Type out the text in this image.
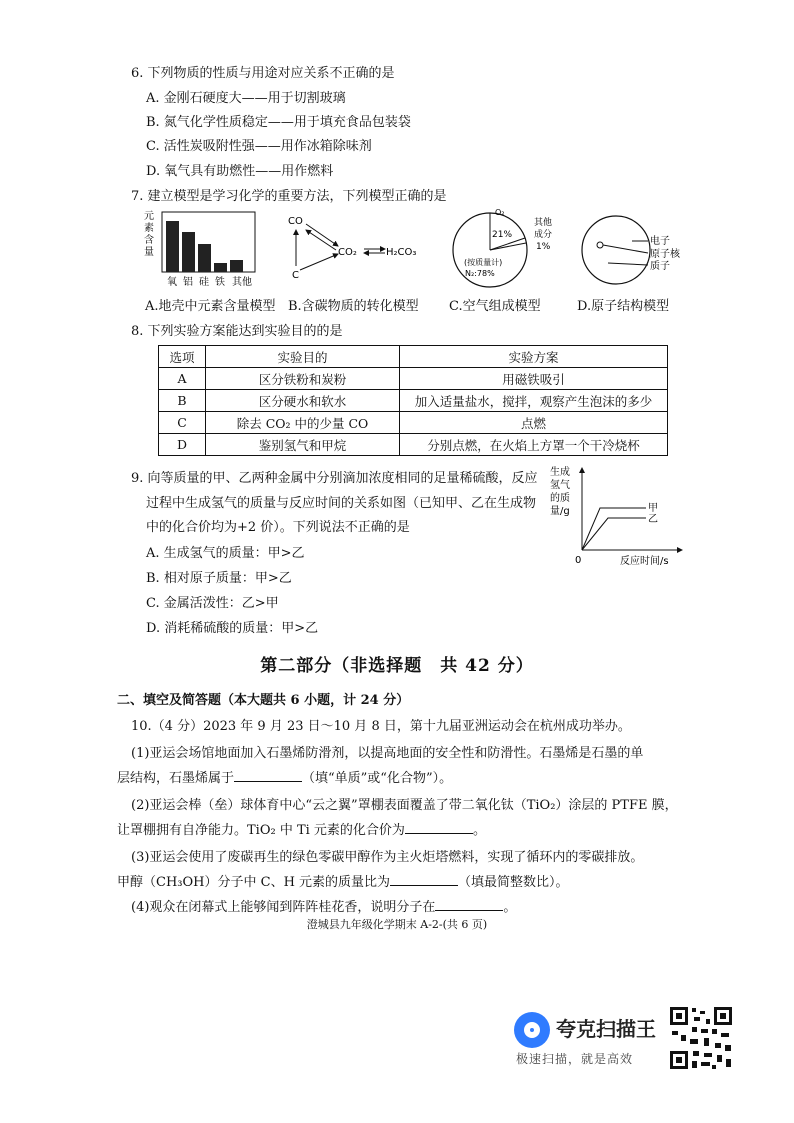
6. 下列物质的性质与用途对应关系不正确的是
A. 金刚石硬度大——用于切割玻璃
B. 氮气化学性质稳定——用于填充食品包装袋
C. 活性炭吸附性强——用作冰箱除味剂
D. 氧气具有助燃性——用作燃料
7. 建立模型是学习化学的重要方法，下列模型正确的是
元
素
含
量
氧 铝 硅 铁 其他
CO
CO₂	H₂CO₃
C
O₂
21%
其他
成分
1%
(按质量计)
N₂:78%
电子
原子核
质子
A.地壳中元素含量模型 B.含碳物质的转化模型 C.空气组成模型	D.原子结构模型
8. 下列实验方案能达到实验目的的是
选项	实验目的	实验方案
A	区分铁粉和炭粉	用磁铁吸引
B	区分硬水和软水	加入适量盐水，搅拌，观察产生泡沫的多少
C	除去 CO₂ 中的少量 CO	点燃
D	鉴别氢气和甲烷	分别点燃，在火焰上方罩一个干冷烧杯
9. 向等质量的甲、乙两种金属中分别滴加浓度相同的足量稀硫酸，反应
过程中生成氢气的质量与反应时间的关系如图（已知甲、乙在生成物
中的化合价均为+2 价）。下列说法不正确的是
A. 生成氢气的质量：甲>乙
B. 相对原子质量：甲>乙
C. 金属活泼性：乙>甲
D. 消耗稀硫酸的质量：甲>乙
生成
氢气
的质
量/g	甲
乙
0	反应时间/s
第二部分（非选择题　共 42 分）
二、填空及简答题（本大题共 6 小题，计 24 分）
10.（4 分）2023 年 9 月 23 日～10 月 8 日，第十九届亚洲运动会在杭州成功举办。
(1)亚运会场馆地面加入石墨烯防滑剂，以提高地面的安全性和防滑性。石墨烯是石墨的单
层结构，石墨烯属于	（填“单质”或“化合物”）。
(2)亚运会棒（垒）球体育中心“云之翼”罩棚表面覆盖了带二氧化钛（TiO₂）涂层的 PTFE 膜，
让罩棚拥有自净能力。TiO₂ 中 Ti 元素的化合价为	。
(3)亚运会使用了废碳再生的绿色零碳甲醇作为主火炬塔燃料，实现了循环内的零碳排放。
甲醇（CH₃OH）分子中 C、H 元素的质量比为	（填最简整数比）。
(4)观众在闭幕式上能够闻到阵阵桂花香，说明分子在	。
澄城县九年级化学期末 A-2-(共 6 页)
夸克扫描王
极速扫描，就是高效
